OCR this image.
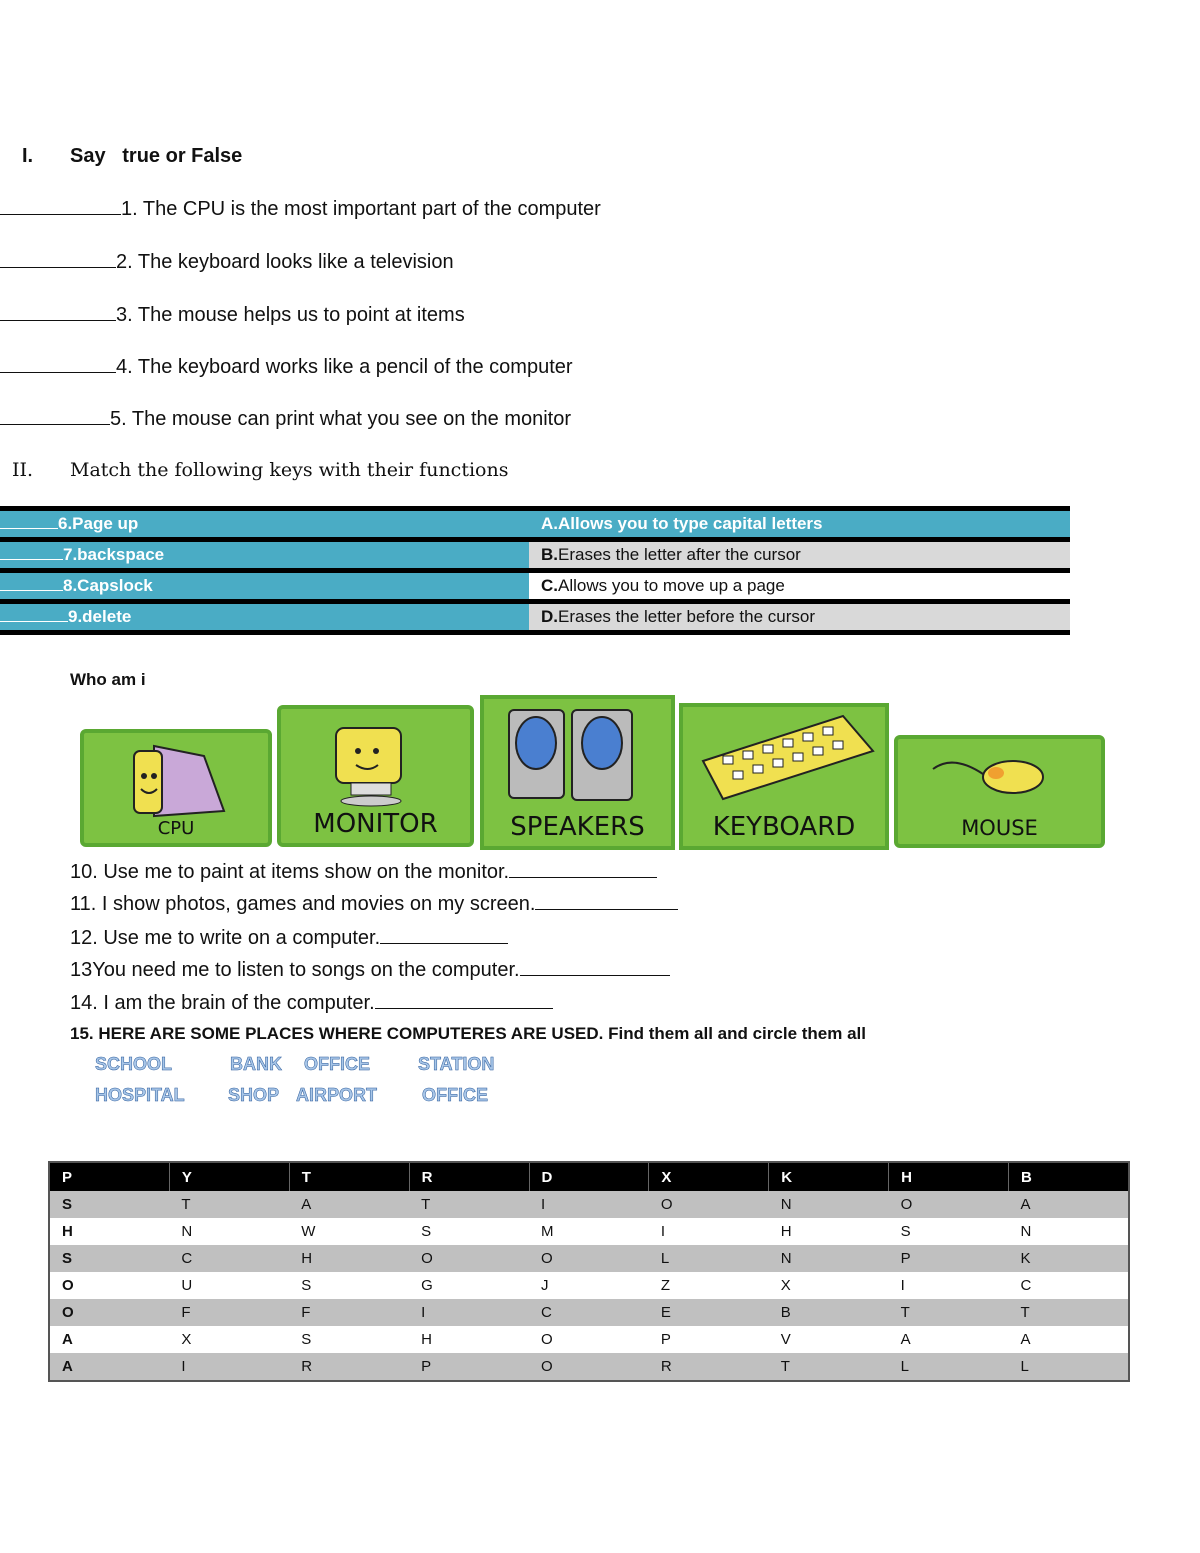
I. Say   true or False
1. The CPU is the most important part of the computer
2. The keyboard looks like a television
3. The mouse helps us to point at items
4. The keyboard works like a pencil of the computer
5. The mouse can print what you see on the monitor
II. Match the following keys with their functions
6.Page up	A.Allows you to type capital letters
7.backspace	B.Erases the letter after the cursor
8.Capslock	C.Allows you to move up a page
9.delete	D.Erases the letter before the cursor
Who am i
CPU	MONITOR	SPEAKERS	KEYBOARD	MOUSE
10. Use me to paint at items show on the monitor.
11. I show photos, games and movies on my screen.
12. Use me to write on a computer.
13You need me to listen to songs on the computer.
14. I am the brain of the computer.
15. HERE ARE SOME PLACES WHERE COMPUTERES ARE USED. Find them all and circle them all
SCHOOL	BANK OFFICE	STATION
HOSPITAL SHOP AIRPORT	OFFICE
P	Y	T	R	D	X	K	H	B
S	T	A	T	I	O	N	O	A
H	N	W	S	M	I	H	S	N
S	C	H	O	O	L	N	P	K
O	U	S	G	J	Z	X	I	C
O	F	F	I	C	E	B	T	T
A	X	S	H	O	P	V	A	A
A	I	R	P	O	R	T	L	L
